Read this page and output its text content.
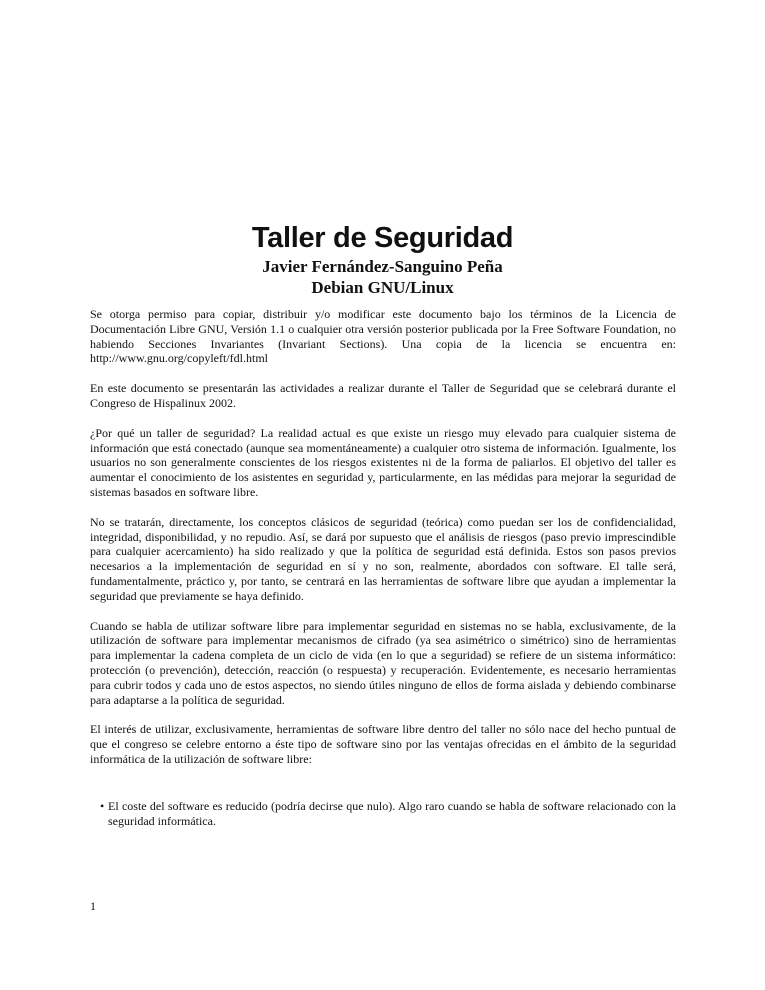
Taller de Seguridad
Javier Fernández-Sanguino Peña
Debian GNU/Linux

Se otorga permiso para copiar, distribuir y/o modificar este documento bajo los términos de la Licencia de Documentación Libre GNU, Versión 1.1 o cualquier otra versión posterior publicada por la Free Software Foundation, no habiendo Secciones Invariantes (Invariant Sections). Una copia de la licencia se encuentra en: http://www.gnu.org/copyleft/fdl.html

En este documento se presentarán las actividades a realizar durante el Taller de Seguridad que se celebrará durante el Congreso de Hispalinux 2002.

¿Por qué un taller de seguridad? La realidad actual es que existe un riesgo muy elevado para cualquier sistema de información que está conectado (aunque sea momentáneamente) a cualquier otro sistema de información. Igualmente, los usuarios no son generalmente conscientes de los riesgos existentes ni de la forma de paliarlos. El objetivo del taller es aumentar el conocimiento de los asistentes en seguridad y, particularmente, en las médidas para mejorar la seguridad de sistemas basados en software libre.

No se tratarán, directamente, los conceptos clásicos de seguridad (teórica) como puedan ser los de confidencialidad, integridad, disponibilidad, y no repudio. Así, se dará por supuesto que el análisis de riesgos (paso previo imprescindible para cualquier acercamiento) ha sido realizado y que la política de seguridad está definida. Estos son pasos previos necesarios a la implementación de seguridad en sí y no son, realmente, abordados con software. El talle será, fundamentalmente, práctico y, por tanto, se centrará en las herramientas de software libre que ayudan a implementar la seguridad que previamente se haya definido.

Cuando se habla de utilizar software libre para implementar seguridad en sistemas no se habla, exclusivamente, de la utilización de software para implementar mecanismos de cifrado (ya sea asimétrico o simétrico) sino de herramientas para implementar la cadena completa de un ciclo de vida (en lo que a seguridad) se refiere de un sistema informático: protección (o prevención), detección, reacción (o respuesta) y recuperación. Evidentemente, es necesario herramientas para cubrir todos y cada uno de estos aspectos, no siendo útiles ninguno de ellos de forma aislada y debiendo combinarse para adaptarse a la política de seguridad.

El interés de utilizar, exclusivamente, herramientas de software libre dentro del taller no sólo nace del hecho puntual de que el congreso se celebre entorno a éste tipo de software sino por las ventajas ofrecidas en el ámbito de la seguridad informática de la utilización de software libre:

• El coste del software es reducido (podría decirse que nulo). Algo raro cuando se habla de software relacionado con la seguridad informática.
1
